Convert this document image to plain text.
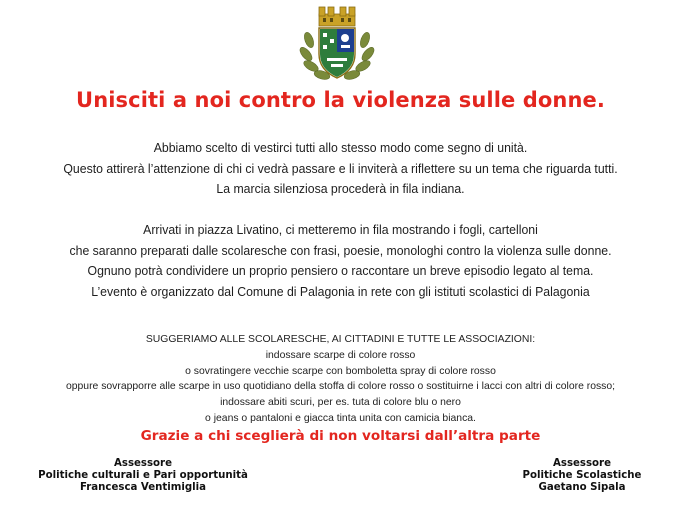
Unisciti a noi contro la violenza sulle donne.
Abbiamo scelto di vestirci tutti allo stesso modo come segno di unità.
Questo attirerà l’attenzione di chi ci vedrà passare e li inviterà a riflettere su un tema che riguarda tutti.
La marcia silenziosa procederà in fila indiana.
Arrivati in piazza Livatino, ci metteremo in fila mostrando i fogli, cartelloni
che saranno preparati dalle scolaresche con frasi, poesie, monologhi contro la violenza sulle donne.
Ognuno potrà condividere un proprio pensiero o raccontare un breve episodio legato al tema.
L’evento è organizzato dal Comune di Palagonia in rete con gli istituti scolastici di Palagonia
SUGGERIAMO ALLE SCOLARESCHE, AI CITTADINI E TUTTE LE ASSOCIAZIONI:
indossare scarpe di colore rosso
o sovratingere vecchie scarpe con bomboletta spray di colore rosso
oppure sovrapporre alle scarpe in uso quotidiano della stoffa di colore rosso o sostituirne i lacci con altri di colore rosso;
indossare abiti scuri, per es. tuta di colore blu o nero
o jeans o pantaloni e giacca tinta unita con camicia bianca.
Grazie a chi sceglierà di non voltarsi dall’altra parte
Assessore
Politiche culturali e Pari opportunità
Francesca Ventimiglia
Assessore
Politiche Scolastiche
Gaetano Sipala
